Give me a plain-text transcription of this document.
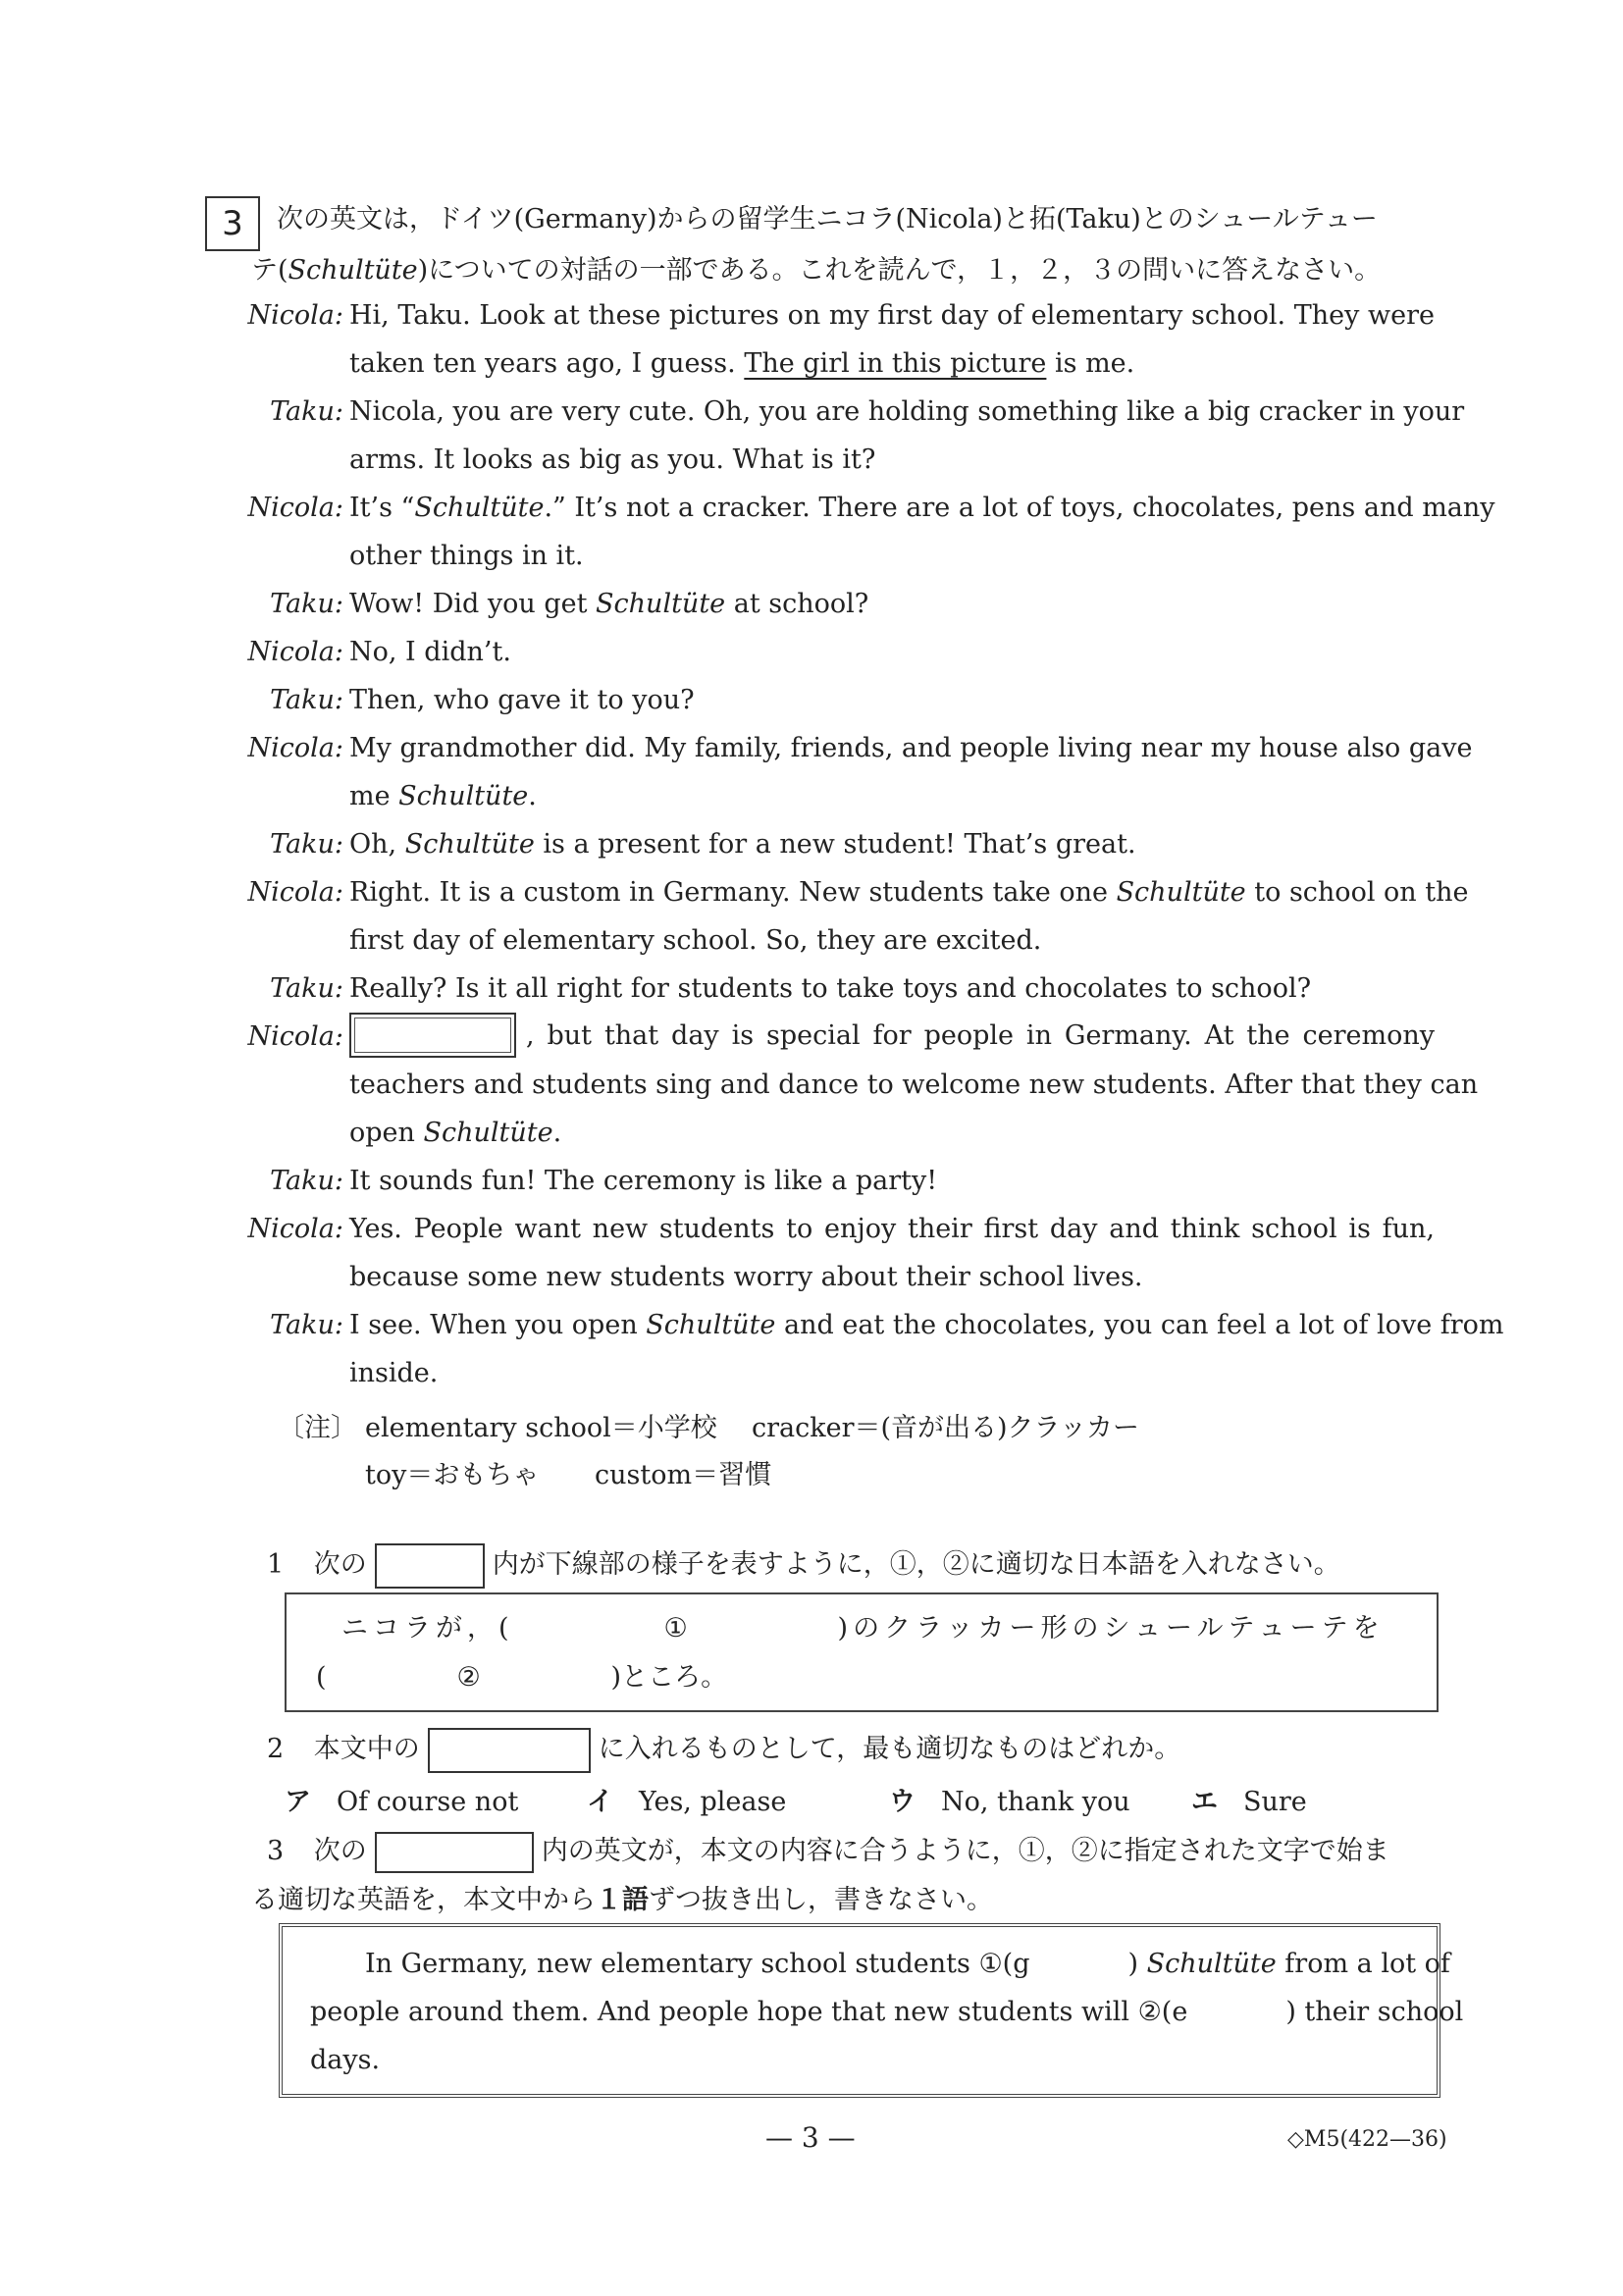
3 次の英文は，ドイツ(Germany)からの留学生ニコラ(Nicola)と拓(Taku)とのシュールテュー
テ(Schultüte)についての対話の一部である。これを読んで，１，２，３の問いに答えなさい。
Nicola: Hi, Taku. Look at these pictures on my first day of elementary school. They were
taken ten years ago, I guess. The girl in this picture is me.
Taku: Nicola, you are very cute. Oh, you are holding something like a big cracker in your
arms. It looks as big as you. What is it?
Nicola: It’s “Schultüte.” It’s not a cracker. There are a lot of toys, chocolates, pens and many
other things in it.
Taku: Wow! Did you get Schultüte at school?
Nicola: No, I didn’t.
Taku: Then, who gave it to you?
Nicola: My grandmother did. My family, friends, and people living near my house also gave
me Schultüte.
Taku: Oh, Schultüte is a present for a new student! That’s great.
Nicola: Right. It is a custom in Germany. New students take one Schultüte to school on the
first day of elementary school. So, they are excited.
Taku: Really? Is it all right for students to take toys and chocolates to school?
Nicola:	, but that day is special for people in Germany. At the ceremony
teachers and students sing and dance to welcome new students. After that they can
open Schultüte.
Taku: It sounds fun! The ceremony is like a party!
Nicola: Yes. People want new students to enjoy their first day and think school is fun,
because some new students worry about their school lives.
Taku: I see. When you open Schultüte and eat the chocolates, you can feel a lot of love from
inside.
〔注〕 elementary school＝小学校 cracker＝(音が出る)クラッカー
toy＝おもちゃ custom＝習慣
1 次の	内が下線部の様子を表すように，①，②に適切な日本語を入れなさい。
ニコラが，(	①	)のクラッカー形のシュールテューテを
(	②	)ところ。
2 本文中の	に入れるものとして，最も適切なものはどれか。
ア Of course not	イ Yes, please	ウ No, thank you エ Sure
3 次の	内の英文が，本文の内容に合うように，①，②に指定された文字で始ま
る適切な英語を，本文中から１語ずつ抜き出し，書きなさい。
In Germany, new elementary school students ①(g	) Schultüte from a lot of
people around them. And people hope that new students will ②(e	) their school
days.
— 3 —	◇M5(422—36)
